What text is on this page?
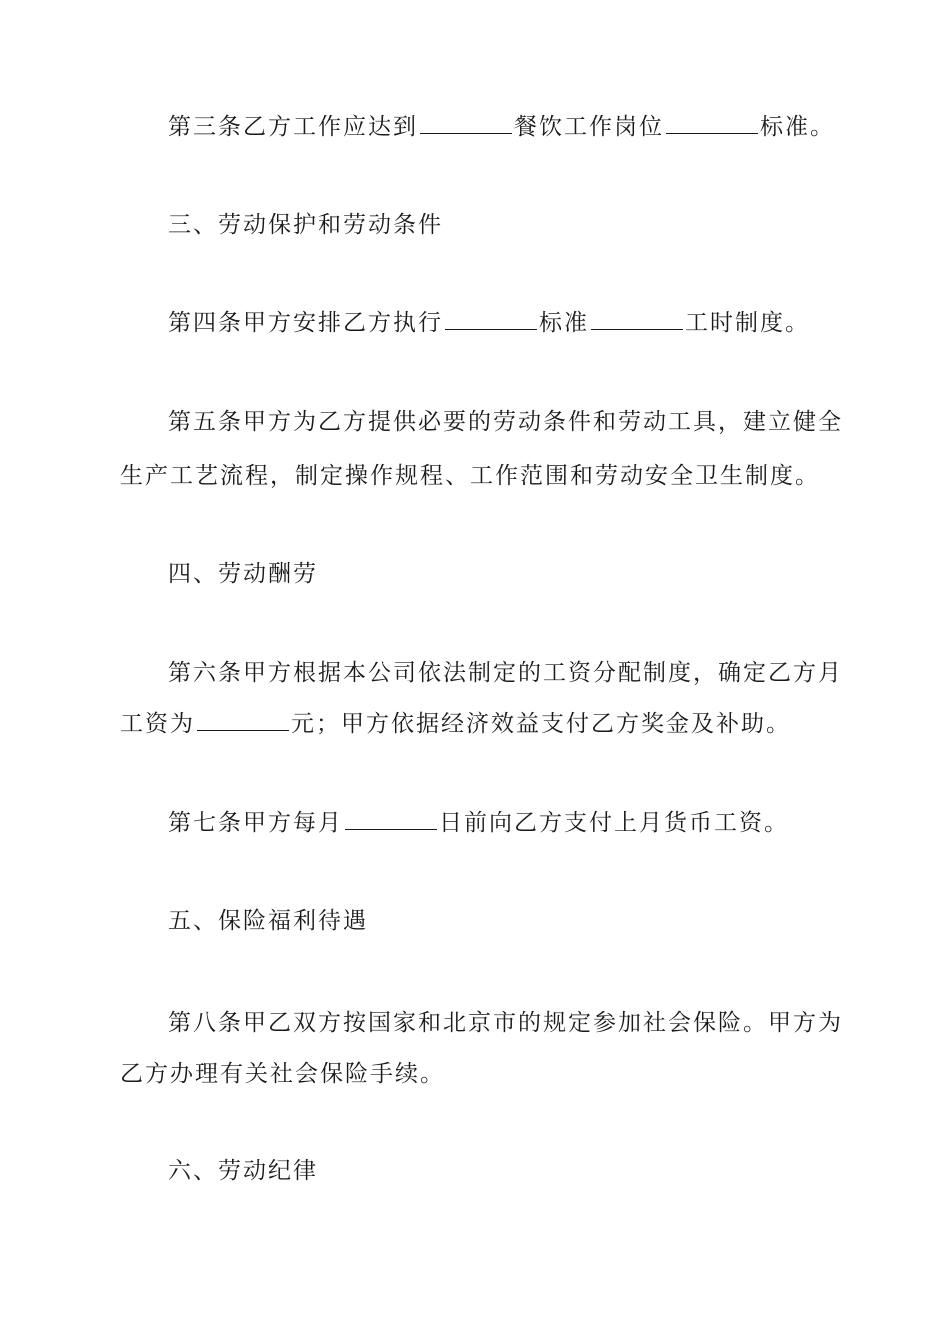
第三条乙方工作应达到	餐饮工作岗位	标准。
三、劳动保护和劳动条件
第四条甲方安排乙方执行	标准	工时制度。
第五条甲方为乙方提供必要的劳动条件和劳动工具，建立健全
生产工艺流程，制定操作规程、工作范围和劳动安全卫生制度。
四、劳动酬劳
第六条甲方根据本公司依法制定的工资分配制度，确定乙方月
工资为	元；甲方依据经济效益支付乙方奖金及补助。
第七条甲方每月	日前向乙方支付上月货币工资。
五、保险福利待遇
第八条甲乙双方按国家和北京市的规定参加社会保险。甲方为
乙方办理有关社会保险手续。
六、劳动纪律
